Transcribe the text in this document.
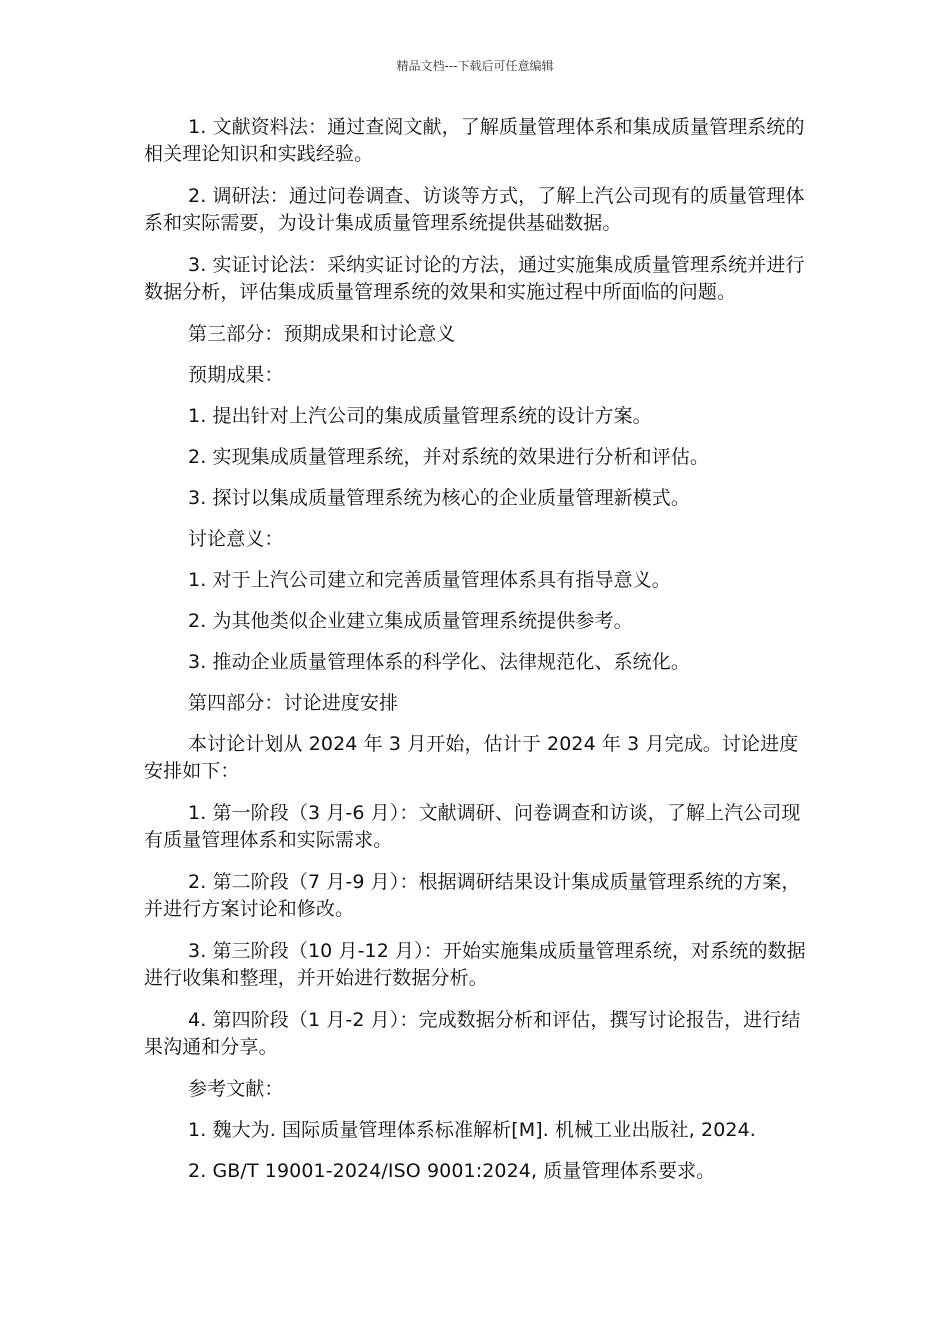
精品文档---下载后可任意编辑

1. 文献资料法：通过查阅文献，了解质量管理体系和集成质量管理系统的相关理论知识和实践经验。

2. 调研法：通过问卷调查、访谈等方式，了解上汽公司现有的质量管理体系和实际需要，为设计集成质量管理系统提供基础数据。

3. 实证讨论法：采纳实证讨论的方法，通过实施集成质量管理系统并进行数据分析，评估集成质量管理系统的效果和实施过程中所面临的问题。

第三部分：预期成果和讨论意义

预期成果：

1. 提出针对上汽公司的集成质量管理系统的设计方案。

2. 实现集成质量管理系统，并对系统的效果进行分析和评估。

3. 探讨以集成质量管理系统为核心的企业质量管理新模式。

讨论意义：

1. 对于上汽公司建立和完善质量管理体系具有指导意义。

2. 为其他类似企业建立集成质量管理系统提供参考。

3. 推动企业质量管理体系的科学化、法律规范化、系统化。

第四部分：讨论进度安排

本讨论计划从 2024 年 3 月开始，估计于 2024 年 3 月完成。讨论进度安排如下：

1. 第一阶段（3 月-6 月）：文献调研、问卷调查和访谈，了解上汽公司现有质量管理体系和实际需求。

2. 第二阶段（7 月-9 月）：根据调研结果设计集成质量管理系统的方案，并进行方案讨论和修改。

3. 第三阶段（10 月-12 月）：开始实施集成质量管理系统，对系统的数据进行收集和整理，并开始进行数据分析。

4. 第四阶段（1 月-2 月）：完成数据分析和评估，撰写讨论报告，进行结果沟通和分享。

参考文献：

1. 魏大为. 国际质量管理体系标准解析[M]. 机械工业出版社, 2024.

2. GB/T 19001-2024/ISO 9001:2024, 质量管理体系要求。
